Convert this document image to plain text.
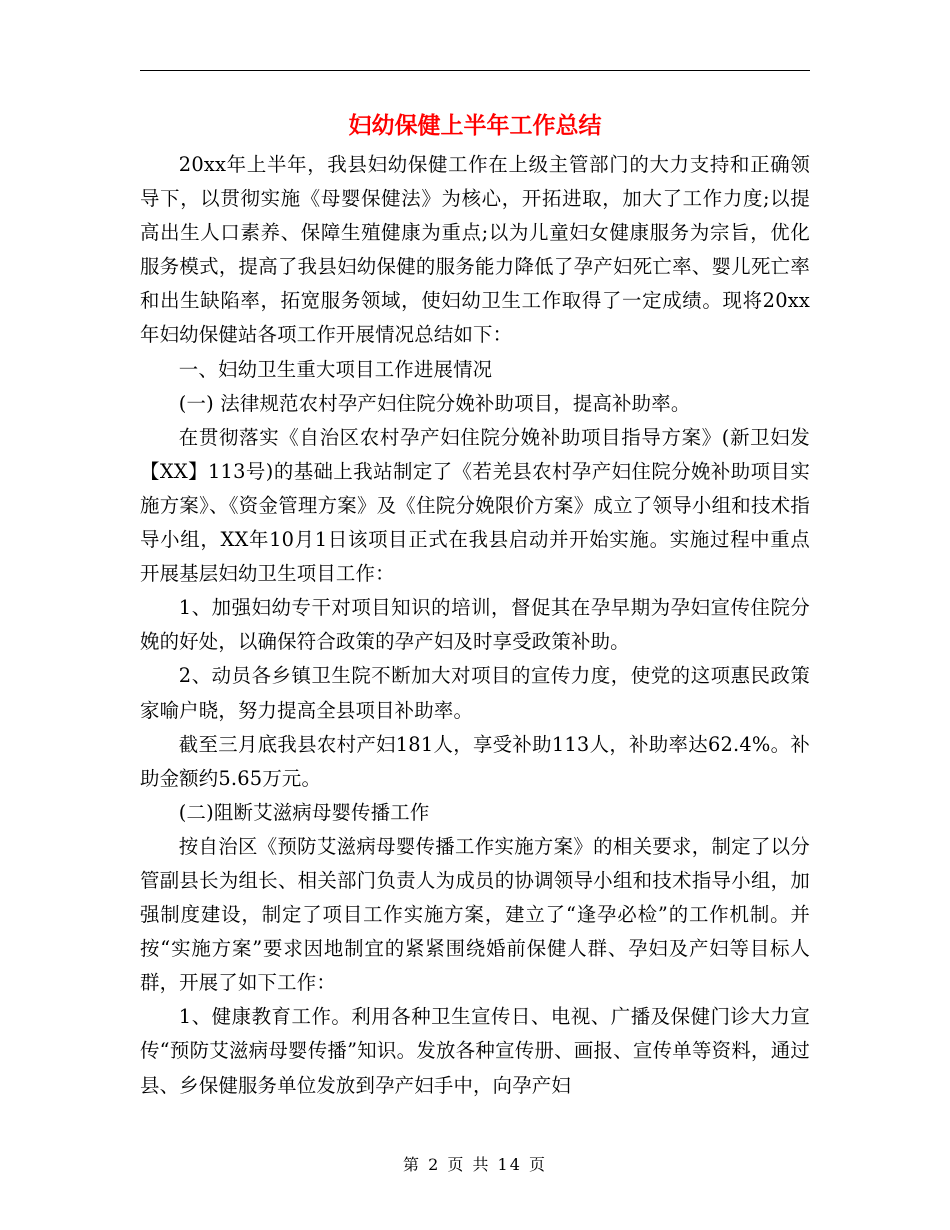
妇幼保健上半年工作总结

20xx年上半年，我县妇幼保健工作在上级主管部门的大力支持和正确领导下，以贯彻实施《母婴保健法》为核心，开拓进取，加大了工作力度;以提高出生人口素养、保障生殖健康为重点;以为儿童妇女健康服务为宗旨，优化服务模式，提高了我县妇幼保健的服务能力降低了孕产妇死亡率、婴儿死亡率和出生缺陷率，拓宽服务领域，使妇幼卫生工作取得了一定成绩。现将20xx年妇幼保健站各项工作开展情况总结如下：

一、妇幼卫生重大项目工作进展情况

(一) 法律规范农村孕产妇住院分娩补助项目，提高补助率。

在贯彻落实《自治区农村孕产妇住院分娩补助项目指导方案》(新卫妇发【XX】113号)的基础上我站制定了《若羌县农村孕产妇住院分娩补助项目实施方案》、《资金管理方案》及《住院分娩限价方案》成立了领导小组和技术指导小组，XX年10月1日该项目正式在我县启动并开始实施。实施过程中重点开展基层妇幼卫生项目工作：

1、加强妇幼专干对项目知识的培训，督促其在孕早期为孕妇宣传住院分娩的好处，以确保符合政策的孕产妇及时享受政策补助。

2、动员各乡镇卫生院不断加大对项目的宣传力度，使党的这项惠民政策家喻户晓，努力提高全县项目补助率。

截至三月底我县农村产妇181人，享受补助113人，补助率达62.4%。补助金额约5.65万元。

(二)阻断艾滋病母婴传播工作

按自治区《预防艾滋病母婴传播工作实施方案》的相关要求，制定了以分管副县长为组长、相关部门负责人为成员的协调领导小组和技术指导小组，加强制度建设，制定了项目工作实施方案，建立了“逢孕必检”的工作机制。并按“实施方案”要求因地制宜的紧紧围绕婚前保健人群、孕妇及产妇等目标人群，开展了如下工作：

1、健康教育工作。利用各种卫生宣传日、电视、广播及保健门诊大力宣传“预防艾滋病母婴传播”知识。发放各种宣传册、画报、宣传单等资料，通过县、乡保健服务单位发放到孕产妇手中，向孕产妇

第 2 页 共 14 页
